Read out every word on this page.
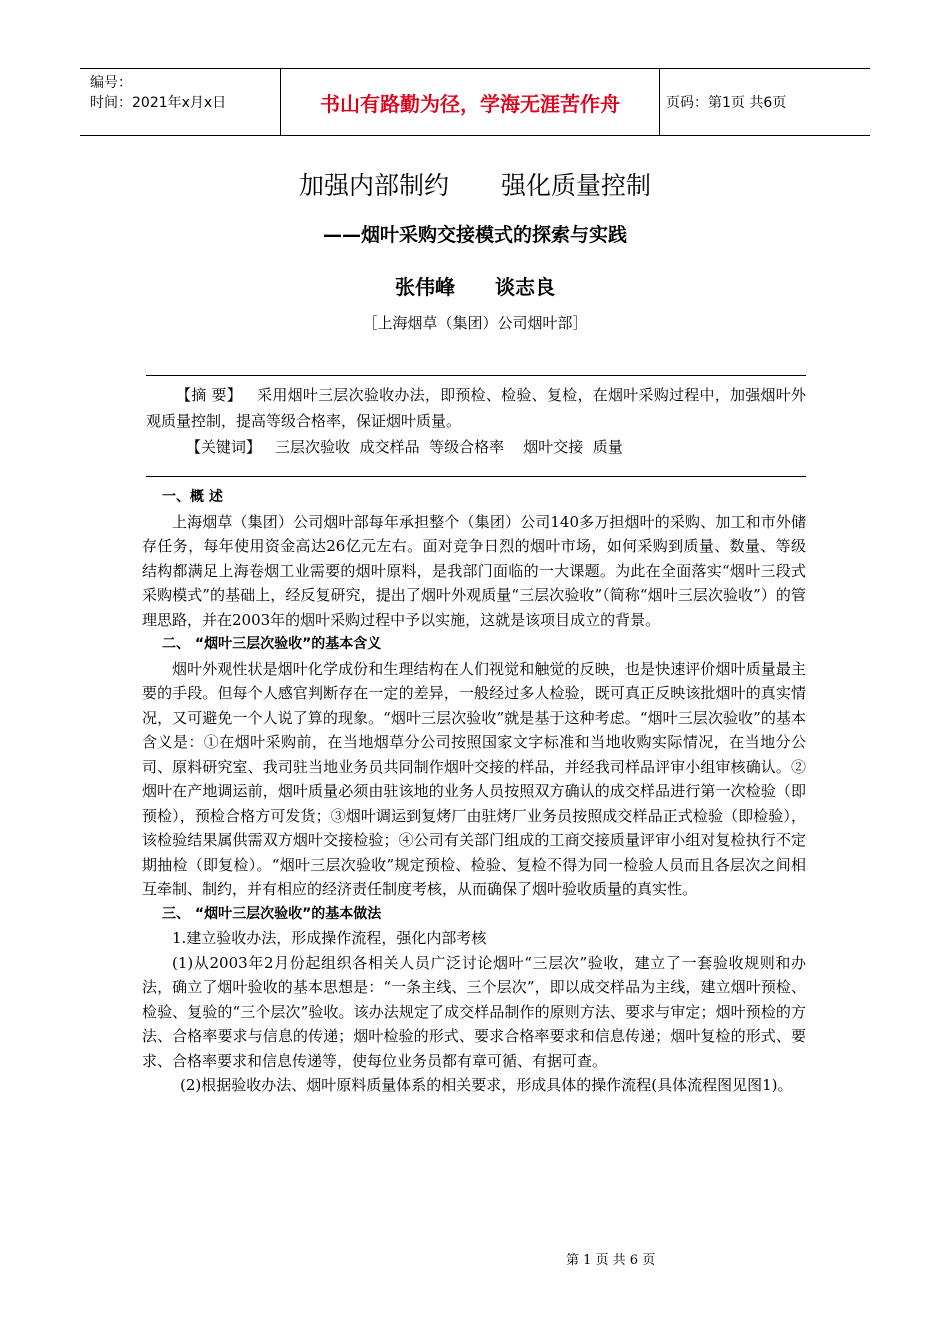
编号：
时间：2021年x月x日	书山有路勤为径，学海无涯苦作舟	页码：第1页 共6页
加强内部制约 强化质量控制
——烟叶采购交接模式的探索与实践
张伟峰 谈志良
［上海烟草（集团）公司烟叶部］
【摘 要】 采用烟叶三层次验收办法，即预检、检验、复检，在烟叶采购过程中，加强烟叶外观质量控制，提高等级合格率，保证烟叶质量。
【关键词】 三层次验收 成交样品 等级合格率 烟叶交接 质量

一、概 述

上海烟草（集团）公司烟叶部每年承担整个（集团）公司140多万担烟叶的采购、加工和市外储存任务，每年使用资金高达26亿元左右。面对竞争日烈的烟叶市场，如何采购到质量、数量、等级结构都满足上海卷烟工业需要的烟叶原料，是我部门面临的一大课题。为此在全面落实“烟叶三段式采购模式”的基础上，经反复研究，提出了烟叶外观质量“三层次验收”（简称“烟叶三层次验收”）的管理思路，并在2003年的烟叶采购过程中予以实施，这就是该项目成立的背景。

二、 “烟叶三层次验收”的基本含义

烟叶外观性状是烟叶化学成份和生理结构在人们视觉和触觉的反映，也是快速评价烟叶质量最主要的手段。但每个人感官判断存在一定的差异，一般经过多人检验，既可真正反映该批烟叶的真实情况，又可避免一个人说了算的现象。“烟叶三层次验收”就是基于这种考虑。“烟叶三层次验收”的基本含义是：①在烟叶采购前，在当地烟草分公司按照国家文字标准和当地收购实际情况，在当地分公司、原料研究室、我司驻当地业务员共同制作烟叶交接的样品，并经我司样品评审小组审核确认。②烟叶在产地调运前，烟叶质量必须由驻该地的业务人员按照双方确认的成交样品进行第一次检验（即预检），预检合格方可发货；③烟叶调运到复烤厂由驻烤厂业务员按照成交样品正式检验（即检验），该检验结果属供需双方烟叶交接检验；④公司有关部门组成的工商交接质量评审小组对复检执行不定期抽检（即复检）。“烟叶三层次验收”规定预检、检验、复检不得为同一检验人员而且各层次之间相互牵制、制约，并有相应的经济责任制度考核，从而确保了烟叶验收质量的真实性。

三、 “烟叶三层次验收”的基本做法

1.建立验收办法，形成操作流程，强化内部考核

(1)从2003年2月份起组织各相关人员广泛讨论烟叶“三层次”验收，建立了一套验收规则和办法，确立了烟叶验收的基本思想是：“一条主线、三个层次”，即以成交样品为主线，建立烟叶预检、检验、复验的“三个层次”验收。该办法规定了成交样品制作的原则方法、要求与审定；烟叶预检的方法、合格率要求与信息的传递；烟叶检验的形式、要求合格率要求和信息传递；烟叶复检的形式、要求、合格率要求和信息传递等，使每位业务员都有章可循、有据可查。

(2)根据验收办法、烟叶原料质量体系的相关要求，形成具体的操作流程(具体流程图见图1)。

第 1 页 共 6 页
